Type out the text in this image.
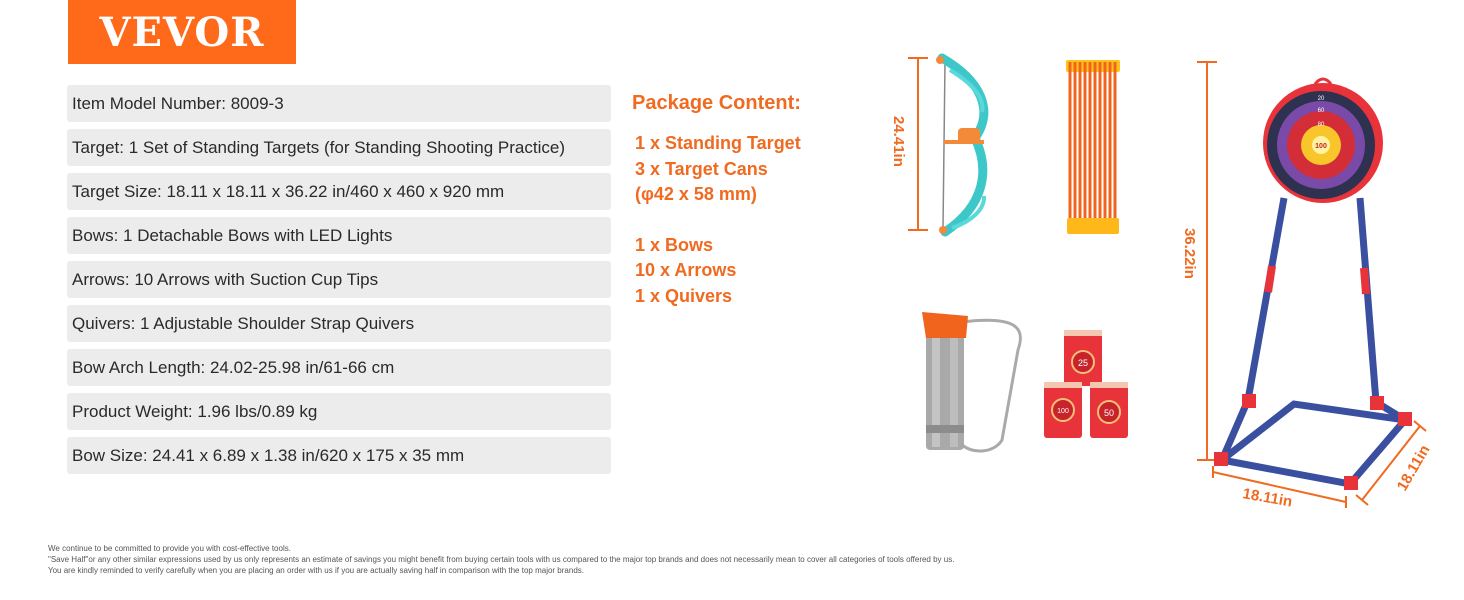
VEVOR
Item Model Number: 8009-3
Target: 1 Set of Standing Targets (for Standing Shooting Practice)
Target Size: 18.11 x 18.11 x 36.22 in/460 x 460 x 920 mm
Bows: 1 Detachable Bows with LED Lights
Arrows: 10 Arrows with Suction Cup Tips
Quivers: 1 Adjustable Shoulder Strap Quivers
Bow Arch Length: 24.02-25.98 in/61-66 cm
Product Weight: 1.96 lbs/0.89 kg
Bow Size: 24.41 x 6.89 x 1.38 in/620 x 175 x 35 mm
Package Content:
1 x Standing Target
3 x Target Cans
(φ42 x 58 mm)
1 x Bows
10 x Arrows
1 x Quivers
24.41in
25
100	50
36.22in
100
80
60
20
18.11in
18.11in
We continue to be committed to provide you with cost-effective tools.
"Save Half"or any other similar expressions used by us only represents an estimate of savings you might benefit from buying certain tools with us compared to the major top brands and does not necessarily mean to cover all categories of tools offered by us.
You are kindly reminded to verify carefully when you are placing an order with us if you are actually saving half in comparison with the top major brands.
